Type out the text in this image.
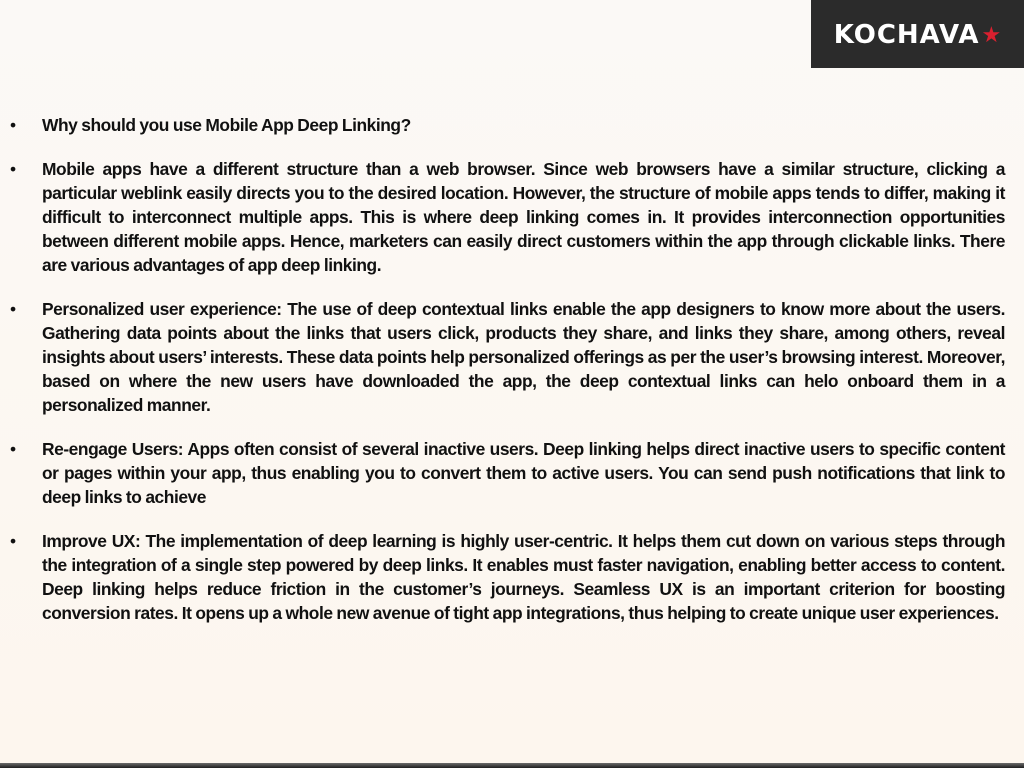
KOCHAVA ★
• Why should you use Mobile App Deep Linking?
• Mobile apps have a different structure than a web browser. Since web browsers have a similar structure, clicking a particular weblink easily directs you to the desired location. However, the structure of mobile apps tends to differ, making it difficult to interconnect multiple apps. This is where deep linking comes in. It provides interconnection opportunities between different mobile apps. Hence, marketers can easily direct customers within the app through clickable links. There are various advantages of app deep linking.
• Personalized user experience: The use of deep contextual links enable the app designers to know more about the users. Gathering data points about the links that users click, products they share, and links they share, among others, reveal insights about users’ interests. These data points help personalized offerings as per the user’s browsing interest. Moreover, based on where the new users have downloaded the app, the deep contextual links can helo onboard them in a personalized manner.
• Re-engage Users: Apps often consist of several inactive users. Deep linking helps direct inactive users to specific content or pages within your app, thus enabling you to convert them to active users. You can send push notifications that link to deep links to achieve
• Improve UX: The implementation of deep learning is highly user-centric. It helps them cut down on various steps through the integration of a single step powered by deep links. It enables must faster navigation, enabling better access to content. Deep linking helps reduce friction in the customer’s journeys. Seamless UX is an important criterion for boosting conversion rates. It opens up a whole new avenue of tight app integrations, thus helping to create unique user experiences.
